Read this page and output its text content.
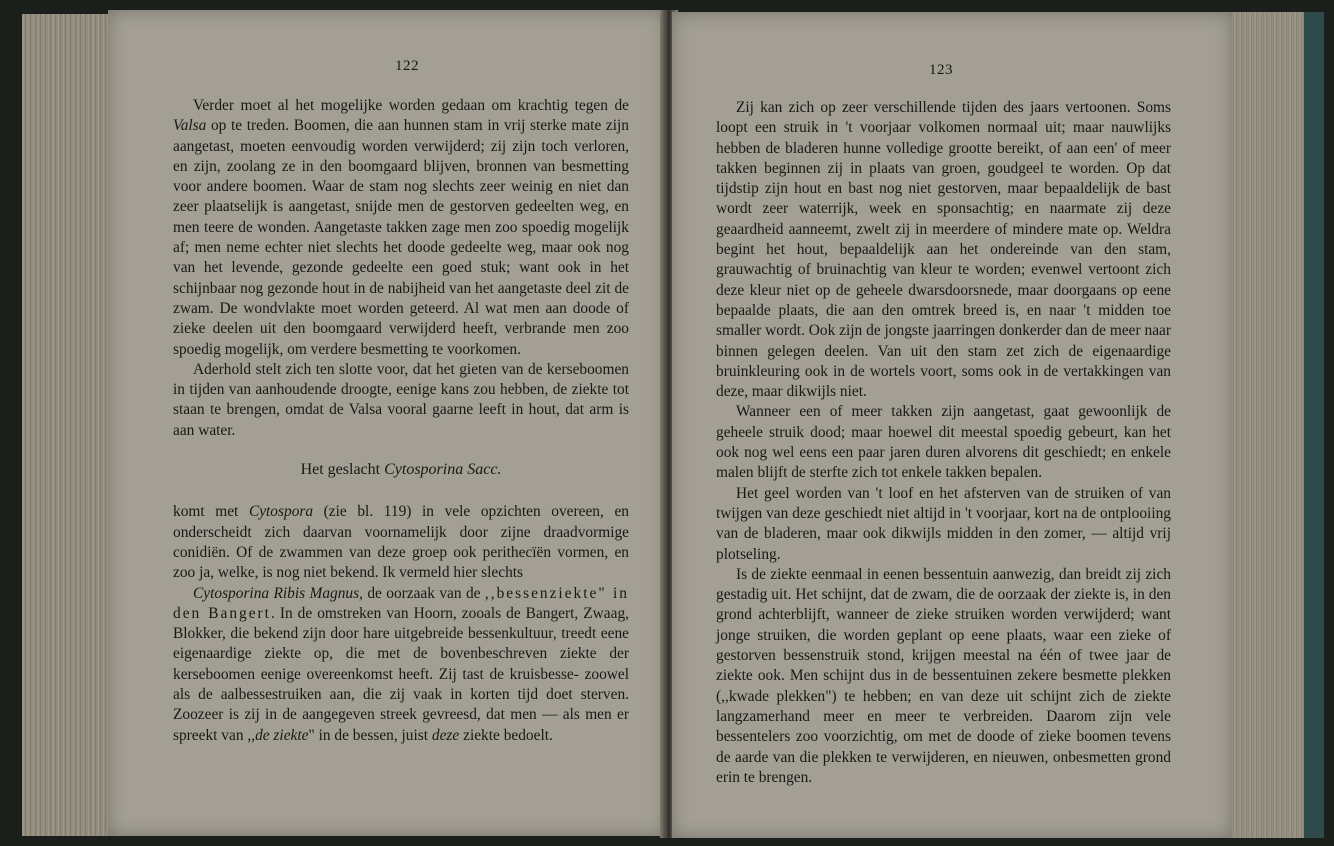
122

Verder moet al het mogelijke worden gedaan om krachtig tegen de Valsa op te treden. Boomen, die aan hunnen stam in vrij sterke mate zijn aangetast, moeten eenvoudig worden verwijderd; zij zijn toch verloren, en zijn, zoolang ze in den boomgaard blijven, bronnen van besmetting voor andere boomen. Waar de stam nog slechts zeer weinig en niet dan zeer plaatselijk is aangetast, snijde men de gestorven gedeelten weg, en men teere de wonden. Aangetaste takken zage men zoo spoedig mogelijk af; men neme echter niet slechts het doode gedeelte weg, maar ook nog van het levende, gezonde gedeelte een goed stuk; want ook in het schijnbaar nog gezonde hout in de nabijheid van het aangetaste deel zit de zwam. De wondvlakte moet worden geteerd. Al wat men aan doode of zieke deelen uit den boomgaard verwijderd heeft, verbrande men zoo spoedig mogelijk, om verdere besmetting te voorkomen.

Aderhold stelt zich ten slotte voor, dat het gieten van de kerseboomen in tijden van aanhoudende droogte, eenige kans zou hebben, de ziekte tot staan te brengen, omdat de Valsa vooral gaarne leeft in hout, dat arm is aan water.

Het geslacht Cytosporina Sacc.

komt met Cytospora (zie bl. 119) in vele opzichten overeen, en onderscheidt zich daarvan voornamelijk door zijne draadvormige conidiën. Of de zwammen van deze groep ook perithecïën vormen, en zoo ja, welke, is nog niet bekend. Ik vermeld hier slechts

Cytosporina Ribis Magnus, de oorzaak van de ,,bessenziekte" in den Bangert. In de omstreken van Hoorn, zooals de Bangert, Zwaag, Blokker, die bekend zijn door hare uitgebreide bessenkultuur, treedt eene eigenaardige ziekte op, die met de bovenbeschreven ziekte der kerseboomen eenige overeenkomst heeft. Zij tast de kruisbesse- zoowel als de aalbessestruiken aan, die zij vaak in korten tijd doet sterven. Zoozeer is zij in de aangegeven streek gevreesd, dat men — als men er spreekt van ,,de ziekte" in de bessen, juist deze ziekte bedoelt.

123

Zij kan zich op zeer verschillende tijden des jaars vertoonen. Soms loopt een struik in 't voorjaar volkomen normaal uit; maar nauwlijks hebben de bladeren hunne volledige grootte bereikt, of aan een' of meer takken beginnen zij in plaats van groen, goudgeel te worden. Op dat tijdstip zijn hout en bast nog niet gestorven, maar bepaaldelijk de bast wordt zeer waterrijk, week en sponsachtig; en naarmate zij deze geaardheid aanneemt, zwelt zij in meerdere of mindere mate op. Weldra begint het hout, bepaaldelijk aan het ondereinde van den stam, grauwachtig of bruinachtig van kleur te worden; evenwel vertoont zich deze kleur niet op de geheele dwarsdoorsnede, maar doorgaans op eene bepaalde plaats, die aan den omtrek breed is, en naar 't midden toe smaller wordt. Ook zijn de jongste jaarringen donkerder dan de meer naar binnen gelegen deelen. Van uit den stam zet zich de eigenaardige bruinkleuring ook in de wortels voort, soms ook in de vertakkingen van deze, maar dikwijls niet.

Wanneer een of meer takken zijn aangetast, gaat gewoonlijk de geheele struik dood; maar hoewel dit meestal spoedig gebeurt, kan het ook nog wel eens een paar jaren duren alvorens dit geschiedt; en enkele malen blijft de sterfte zich tot enkele takken bepalen.

Het geel worden van 't loof en het afsterven van de struiken of van twijgen van deze geschiedt niet altijd in 't voorjaar, kort na de ontplooiing van de bladeren, maar ook dikwijls midden in den zomer, — altijd vrij plotseling.

Is de ziekte eenmaal in eenen bessentuin aanwezig, dan breidt zij zich gestadig uit. Het schijnt, dat de zwam, die de oorzaak der ziekte is, in den grond achterblijft, wanneer de zieke struiken worden verwijderd; want jonge struiken, die worden geplant op eene plaats, waar een zieke of gestorven bessenstruik stond, krijgen meestal na één of twee jaar de ziekte ook. Men schijnt dus in de bessentuinen zekere besmette plekken (,,kwade plekken") te hebben; en van deze uit schijnt zich de ziekte langzamerhand meer en meer te verbreiden. Daarom zijn vele bessentelers zoo voorzichtig, om met de doode of zieke boomen tevens de aarde van die plekken te verwijderen, en nieuwen, onbesmetten grond erin te brengen.
